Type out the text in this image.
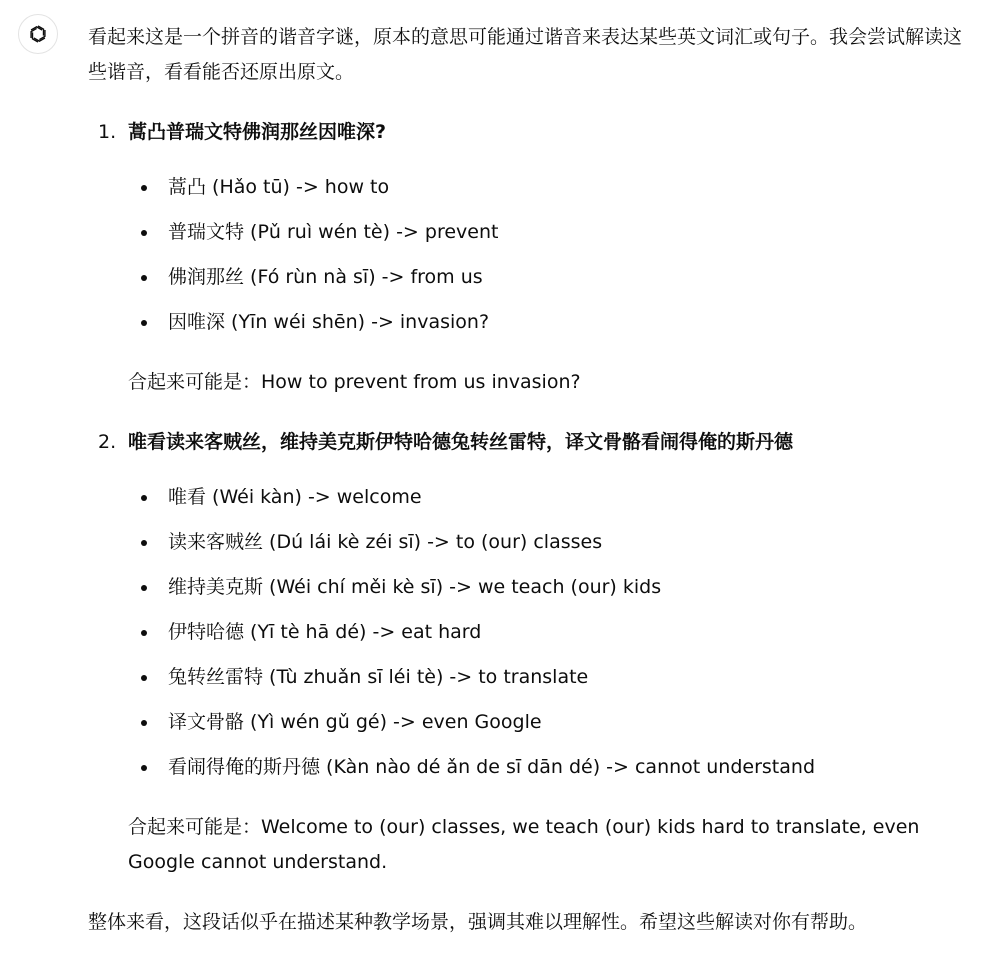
看起来这是一个拼音的谐音字谜，原本的意思可能通过谐音来表达某些英文词汇或句子。我会尝试解读这些谐音，看看能否还原出原文。

1. 蒿凸普瑞文特佛润那丝因唯深?
蒿凸 (Hǎo tū) -> how to
普瑞文特 (Pǔ ruì wén tè) -> prevent
佛润那丝 (Fó rùn nà sī) -> from us
因唯深 (Yīn wéi shēn) -> invasion?
合起来可能是：How to prevent from us invasion?
2. 唯看读来客贼丝，维持美克斯伊特哈德兔转丝雷特，译文骨骼看闹得俺的斯丹德
唯看 (Wéi kàn) -> welcome
读来客贼丝 (Dú lái kè zéi sī) -> to (our) classes
维持美克斯 (Wéi chí měi kè sī) -> we teach (our) kids
伊特哈德 (Yī tè hā dé) -> eat hard
兔转丝雷特 (Tù zhuǎn sī léi tè) -> to translate
译文骨骼 (Yì wén gǔ gé) -> even Google
看闹得俺的斯丹德 (Kàn nào dé ǎn de sī dān dé) -> cannot understand
合起来可能是：Welcome to (our) classes, we teach (our) kids hard to translate, even Google cannot understand.
整体来看，这段话似乎在描述某种教学场景，强调其难以理解性。希望这些解读对你有帮助。
